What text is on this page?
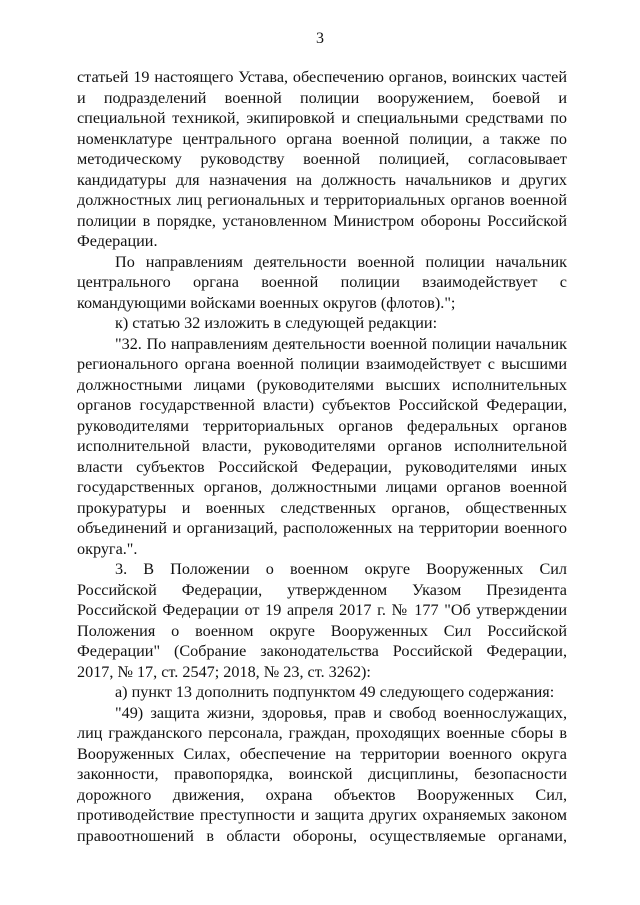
3
статьей 19 настоящего Устава, обеспечению органов, воинских частей
и подразделений военной полиции вооружением, боевой и
специальной техникой, экипировкой и специальными средствами по
номенклатуре центрального органа военной полиции, а также по
методическому руководству военной полицией, согласовывает
кандидатуры для назначения на должность начальников и других
должностных лиц региональных и территориальных органов военной
полиции в порядке, установленном Министром обороны Российской
Федерации.
По направлениям деятельности военной полиции начальник
центрального органа военной полиции взаимодействует с
командующими войсками военных округов (флотов).";
к) статью 32 изложить в следующей редакции:
"32. По направлениям деятельности военной полиции начальник
регионального органа военной полиции взаимодействует с высшими
должностными лицами (руководителями высших исполнительных
органов государственной власти) субъектов Российской Федерации,
руководителями территориальных органов федеральных органов
исполнительной власти, руководителями органов исполнительной
власти субъектов Российской Федерации, руководителями иных
государственных органов, должностными лицами органов военной
прокуратуры и военных следственных органов, общественных
объединений и организаций, расположенных на территории военного
округа.".
3. В Положении о военном округе Вооруженных Сил
Российской Федерации, утвержденном Указом Президента
Российской Федерации от 19 апреля 2017 г. № 177 "Об утверждении
Положения о военном округе Вооруженных Сил Российской
Федерации" (Собрание законодательства Российской Федерации,
2017, № 17, ст. 2547; 2018, № 23, ст. 3262):
а) пункт 13 дополнить подпунктом 49 следующего содержания:
"49) защита жизни, здоровья, прав и свобод военнослужащих,
лиц гражданского персонала, граждан, проходящих военные сборы в
Вооруженных Силах, обеспечение на территории военного округа
законности, правопорядка, воинской дисциплины, безопасности
дорожного движения, охрана объектов Вооруженных Сил,
противодействие преступности и защита других охраняемых законом
правоотношений в области обороны, осуществляемые органами,
